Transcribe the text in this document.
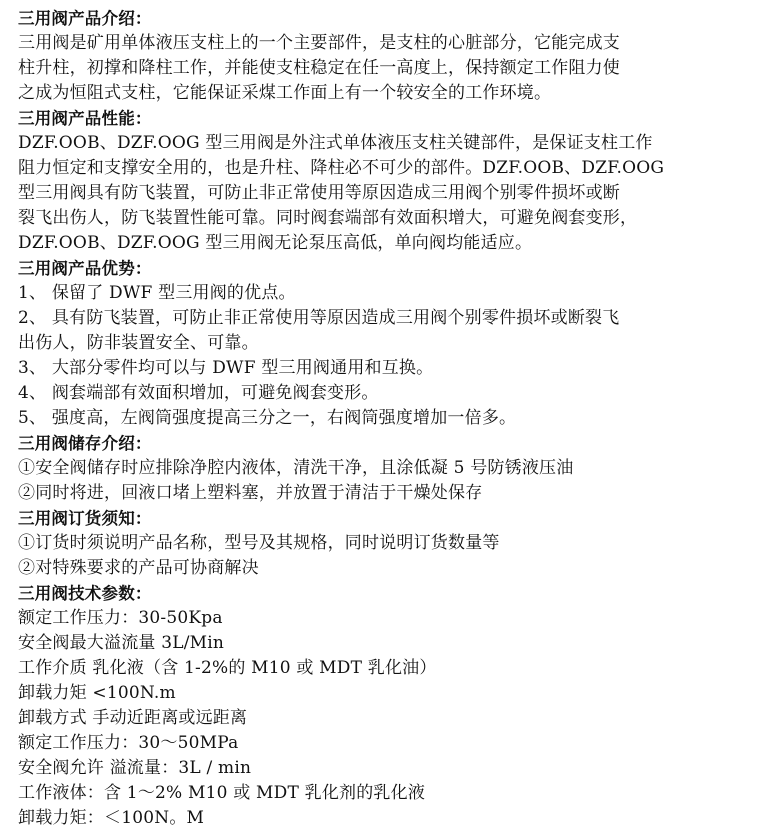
三用阀产品介绍：
三用阀是矿用单体液压支柱上的一个主要部件，是支柱的心脏部分，它能完成支
柱升柱，初撑和降柱工作，并能使支柱稳定在任一高度上，保持额定工作阻力使
之成为恒阻式支柱，它能保证采煤工作面上有一个较安全的工作环境。
三用阀产品性能：
DZF.OOB、DZF.OOG 型三用阀是外注式单体液压支柱关键部件，是保证支柱工作
阻力恒定和支撑安全用的，也是升柱、降柱必不可少的部件。DZF.OOB、DZF.OOG
型三用阀具有防飞装置，可防止非正常使用等原因造成三用阀个别零件损坏或断
裂飞出伤人，防飞装置性能可靠。同时阀套端部有效面积增大，可避免阀套变形，
DZF.OOB、DZF.OOG 型三用阀无论泵压高低，单向阀均能适应。
三用阀产品优势：
1、 保留了 DWF 型三用阀的优点。
2、 具有防飞装置，可防止非正常使用等原因造成三用阀个别零件损坏或断裂飞
出伤人，防非装置安全、可靠。
3、 大部分零件均可以与 DWF 型三用阀通用和互换。
4、 阀套端部有效面积增加，可避免阀套变形。
5、 强度高，左阀筒强度提高三分之一，右阀筒强度增加一倍多。
三用阀储存介绍：
①安全阀储存时应排除净腔内液体，清洗干净，且涂低凝 5 号防锈液压油
②同时将进，回液口堵上塑料塞，并放置于清洁于干燥处保存
三用阀订货须知：
①订货时须说明产品名称，型号及其规格，同时说明订货数量等
②对特殊要求的产品可协商解决
三用阀技术参数：
额定工作压力：30-50Kpa
安全阀最大溢流量 3L/Min
工作介质 乳化液（含 1-2%的 M10 或 MDT 乳化油）
卸载力矩 <100N.m
卸载方式 手动近距离或远距离
额定工作压力：30～50MPa
安全阀允许 溢流量：3L / min
工作液体：含 1～2% M10 或 MDT 乳化剂的乳化液
卸载力矩：＜100N。M
